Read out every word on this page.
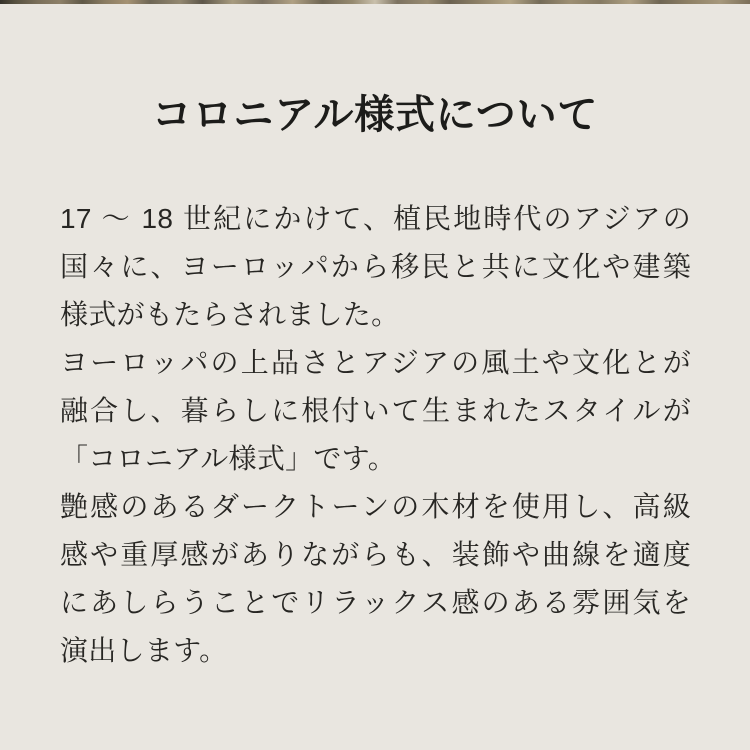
コロニアル様式について
17 〜 18 世紀にかけて、植民地時代のアジアの
国々に、ヨーロッパから移民と共に文化や建築
様式がもたらされました。
ヨーロッパの上品さとアジアの風土や文化とが
融合し、暮らしに根付いて生まれたスタイルが
「コロニアル様式」です。
艶感のあるダークトーンの木材を使用し、高級
感や重厚感がありながらも、装飾や曲線を適度
にあしらうことでリラックス感のある雰囲気を
演出します。
